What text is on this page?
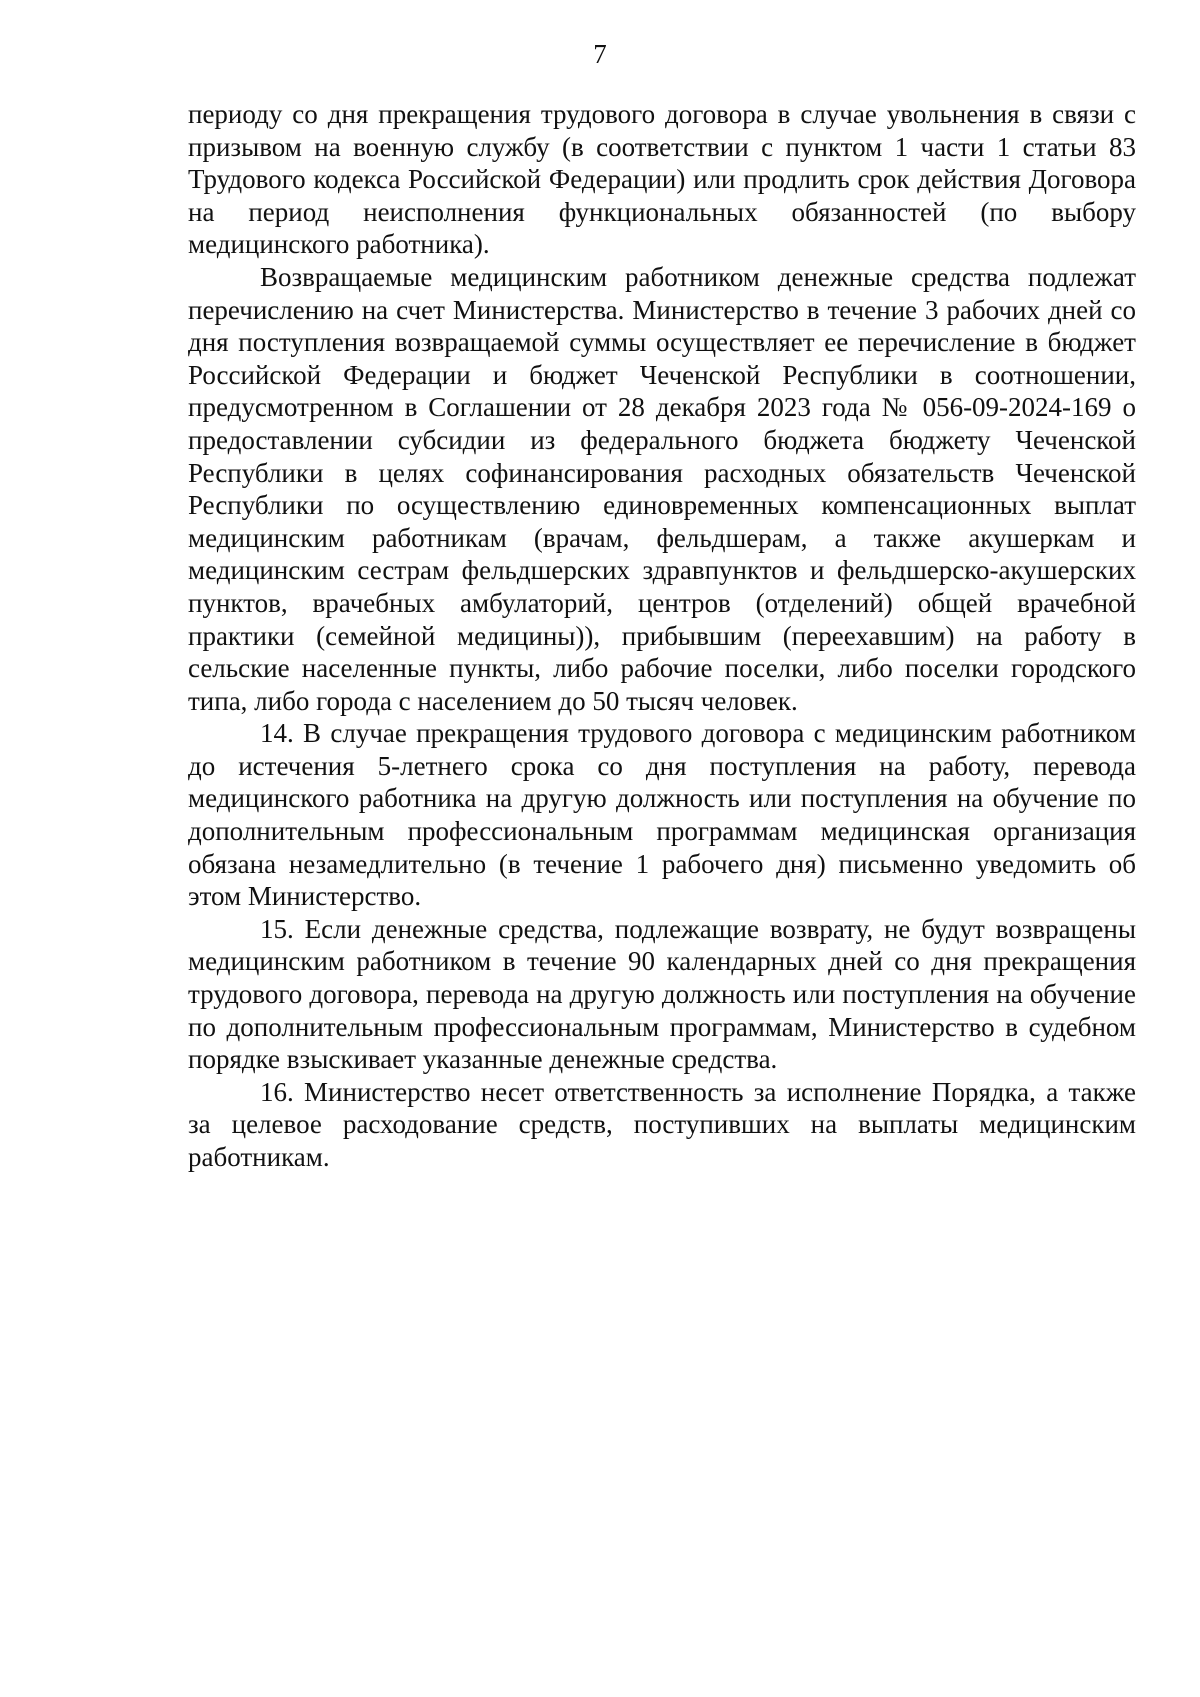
7

периоду со дня прекращения трудового договора в случае увольнения в связи с призывом на военную службу (в соответствии с пунктом 1 части 1 статьи 83 Трудового кодекса Российской Федерации) или продлить срок действия Договора на период неисполнения функциональных обязанностей (по выбору медицинского работника).

Возвращаемые медицинским работником денежные средства подлежат перечислению на счет Министерства. Министерство в течение 3 рабочих дней со дня поступления возвращаемой суммы осуществляет ее перечисление в бюджет Российской Федерации и бюджет Чеченской Республики в соотношении, предусмотренном в Соглашении от 28 декабря 2023 года № 056-09-2024-169 о предоставлении субсидии из федерального бюджета бюджету Чеченской Республики в целях софинансирования расходных обязательств Чеченской Республики по осуществлению единовременных компенсационных выплат медицинским работникам (врачам, фельдшерам, а также акушеркам и медицинским сестрам фельдшерских здравпунктов и фельдшерско-акушерских пунктов, врачебных амбулаторий, центров (отделений) общей врачебной практики (семейной медицины)), прибывшим (переехавшим) на работу в сельские населенные пункты, либо рабочие поселки, либо поселки городского типа, либо города с населением до 50 тысяч человек.

14. В случае прекращения трудового договора с медицинским работником до истечения 5-летнего срока со дня поступления на работу, перевода медицинского работника на другую должность или поступления на обучение по дополнительным профессиональным программам медицинская организация обязана незамедлительно (в течение 1 рабочего дня) письменно уведомить об этом Министерство.

15. Если денежные средства, подлежащие возврату, не будут возвращены медицинским работником в течение 90 календарных дней со дня прекращения трудового договора, перевода на другую должность или поступления на обучение по дополнительным профессиональным программам, Министерство в судебном порядке взыскивает указанные денежные средства.

16. Министерство несет ответственность за исполнение Порядка, а также за целевое расходование средств, поступивших на выплаты медицинским работникам.
